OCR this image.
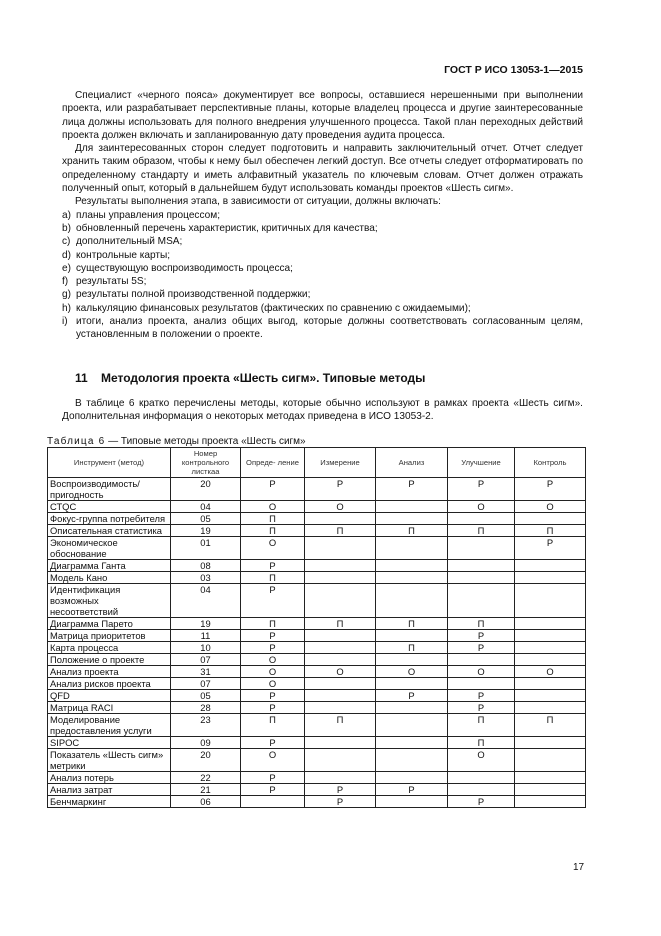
ГОСТ Р ИСО 13053-1—2015

Специалист «черного пояса» документирует все вопросы, оставшиеся нерешенными при выполнении проекта, или разрабатывает перспективные планы, которые владелец процесса и другие заинтересованные лица должны использовать для полного внедрения улучшенного процесса. Такой план переходных действий проекта должен включать и запланированную дату проведения аудита процесса.

Для заинтересованных сторон следует подготовить и направить заключительный отчет. Отчет следует хранить таким образом, чтобы к нему был обеспечен легкий доступ. Все отчеты следует отформатировать по определенному стандарту и иметь алфавитный указатель по ключевым словам. Отчет должен отражать полученный опыт, который в дальнейшем будут использовать команды проектов «Шесть сигм».

Результаты выполнения этапа, в зависимости от ситуации, должны включать:

a) планы управления процессом;
b) обновленный перечень характеристик, критичных для качества;
c) дополнительный MSA;
d) контрольные карты;
e) существующую воспроизводимость процесса;
f) результаты 5S;
g) результаты полной производственной поддержки;
h) калькуляцию финансовых результатов (фактических по сравнению с ожидаемыми);
i) итоги, анализ проекта, анализ общих выгод, которые должны соответствовать согласованным целям, установленным в положении о проекте.
11 Методология проекта «Шесть сигм». Типовые методы

В таблице 6 кратко перечислены методы, которые обычно используют в рамках проекта «Шесть сигм». Дополнительная информация о некоторых методах приведена в ИСО 13053-2.

Таблица 6 — Типовые методы проекта «Шесть сигм»
Инструмент (метод)	Номер контрольного листкаа	Опреде- ление	Измерение	Анализ	Улучшение	Контроль
Воспроизводимость/ пригодность	20	Р	Р	Р	Р	Р
СТQС	04	О	О		О	О
Фокус-группа потребителя	05	П				
Описательная статистика	19	П	П	П	П	П
Экономическое обоснование	01	О				Р
Диаграмма Ганта	08	Р				
Модель Кано	03	П				
Идентификация возможных несоответствий	04	Р				
Диаграмма Парето	19	П	П	П	П	
Матрица приоритетов	11	Р			Р	
Карта процесса	10	Р		П	Р	
Положение о проекте	07	О				
Анализ проекта	31	О	О	О	О	О
Анализ рисков проекта	07	О				
QFD	05	Р		Р	Р	
Матрица RACI	28	Р			Р	
Моделирование предоставления услуги	23	П	П		П	П
SIPOC	09	Р			П	
Показатель «Шесть сигм» метрики	20	О			О	
Анализ потерь	22	Р				
Анализ затрат	21	Р	Р	Р		
Бенчмаркинг	06		Р		Р	
17
